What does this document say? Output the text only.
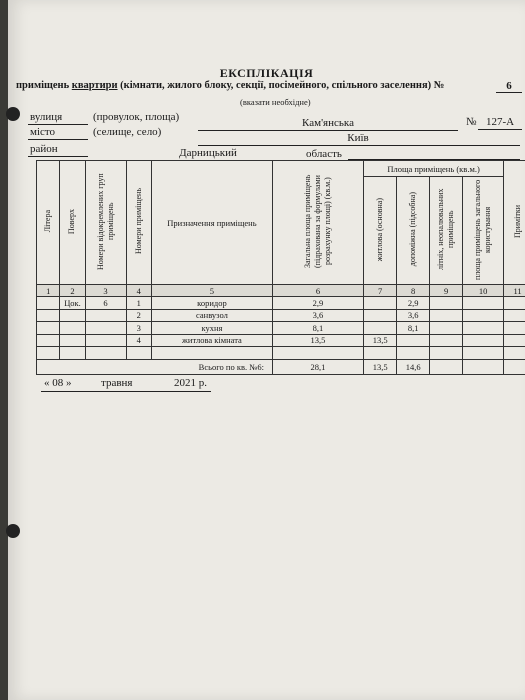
ЕКСПЛІКАЦІЯ
приміщень квартири (кімнати, жилого блоку, секції, посімейного, спільного заселення) №	6
(вказати необхідне)
вулиця	(провулок, площа)	Кам'янська	№ 127-А
місто	(селище, село)	Київ
район	Дарницький	область
Літера	Поверх	Номери відокремлених груп приміщень	Номери приміщень	Призначення приміщень	Загальна площа приміщень (підрахована за формулами розрахунку площі) (кв.м.)	Площа приміщень (кв.м.)				Примітки
						житлова (основна)	допоміжна (підсобна)	літніх, неопалювальних приміщень	площа приміщень загального користування	
1	2	3	4	5	6	7	8	9	10	11
	Цок.	6	1	коридор	2,9		2,9			
			2	санвузол	3,6		3,6			
			3	кухня	8,1		8,1			
			4	житлова кімната	13,5	13,5				

Всього по кв. №6:					28,1	13,5	14,6			
« 08 »	травня	2021 р.
